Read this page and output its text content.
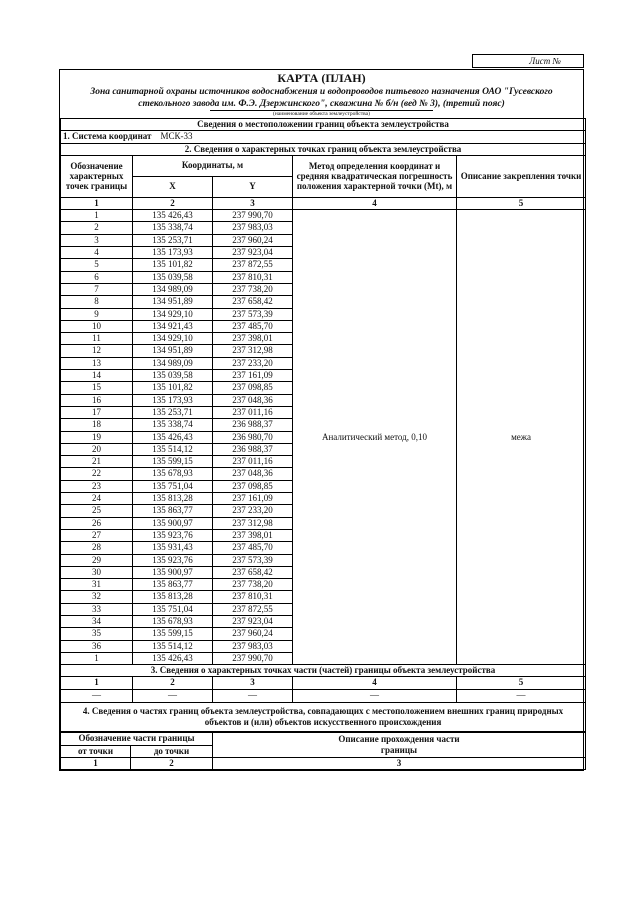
Лист №
КАРТА (ПЛАН)
Зона санитарной охраны источников водоснабжения и водопроводов питьевого назначения ОАО "Гусевского стекольного завода им. Ф.Э. Дзержинского", скважина № б/н (вед № 3), (третий пояс)
(наименование объекта землеустройства)
Сведения о местоположении границ объекта землеустройства				
1. Система координат МСК-33				
2. Сведения о характерных точках границ объекта землеустройства				
Обозначение характерных точек границы	Координаты, м		Метод определения координат и средняя квадратическая погрешность положения характерной точки (Mt), м	Описание закрепления точки
	X	Y		
1	2	3	4	5
1	135 426,43	237 990,70	Аналитический метод, 0,10	межа
2	135 338,74	237 983,03		
3	135 253,71	237 960,24		
4	135 173,93	237 923,04		
5	135 101,82	237 872,55		
6	135 039,58	237 810,31		
7	134 989,09	237 738,20		
8	134 951,89	237 658,42		
9	134 929,10	237 573,39		
10	134 921,43	237 485,70		
11	134 929,10	237 398,01		
12	134 951,89	237 312,98		
13	134 989,09	237 233,20		
14	135 039,58	237 161,09		
15	135 101,82	237 098,85		
16	135 173,93	237 048,36		
17	135 253,71	237 011,16		
18	135 338,74	236 988,37		
19	135 426,43	236 980,70		
20	135 514,12	236 988,37		
21	135 599,15	237 011,16		
22	135 678,93	237 048,36		
23	135 751,04	237 098,85		
24	135 813,28	237 161,09		
25	135 863,77	237 233,20		
26	135 900,97	237 312,98		
27	135 923,76	237 398,01		
28	135 931,43	237 485,70		
29	135 923,76	237 573,39		
30	135 900,97	237 658,42		
31	135 863,77	237 738,20		
32	135 813,28	237 810,31		
33	135 751,04	237 872,55		
34	135 678,93	237 923,04		
35	135 599,15	237 960,24		
36	135 514,12	237 983,03		
1	135 426,43	237 990,70		
3. Сведения о характерных точках части (частей) границы объекта землеустройства				
1	2	3	4	5
—	—	—	—	—
4. Сведения о частях границ объекта землеустройства, совпадающих с местоположением внешних границ природных объектов и (или) объектов искусственного происхождения				
Обозначение части границы		Описание прохождения части границы
от точки	до точки	
1	2	3
